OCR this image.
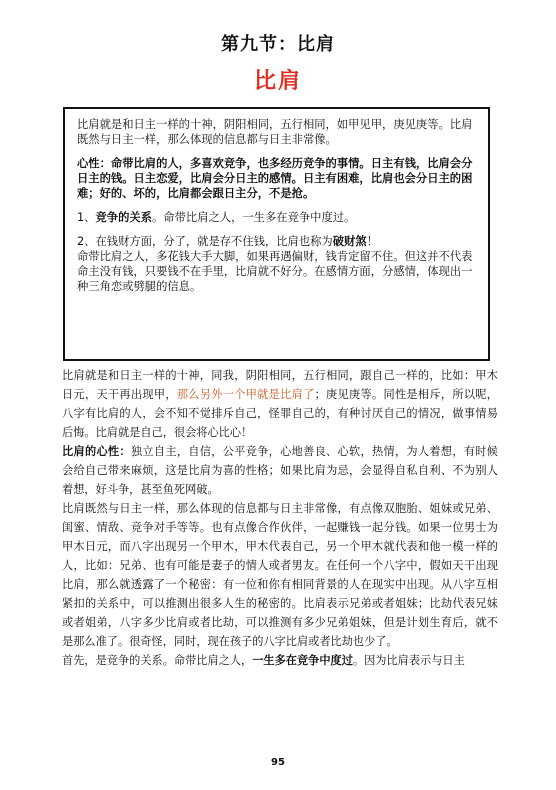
第九节：比肩
比肩

比肩就是和日主一样的十神，阴阳相同，五行相同，如甲见甲，庚见庚等。比肩既然与日主一样，那么体现的信息都与日主非常像。

心性：命带比肩的人，多喜欢竞争，也多经历竞争的事情。日主有钱，比肩会分日主的钱。日主恋爱，比肩会分日主的感情。日主有困难，比肩也会分日主的困难；好的、坏的，比肩都会跟日主分，不是抢。

1、竞争的关系。命带比肩之人，一生多在竞争中度过。

2、在钱财方面，分了，就是存不住钱，比肩也称为破财煞！

命带比肩之人，多花钱大手大脚，如果再遇偏财，钱肯定留不住。但这并不代表命主没有钱，只要钱不在手里，比肩就不好分。在感情方面，分感情，体现出一种三角恋或劈腿的信息。

比肩就是和日主一样的十神，同我，阴阳相同，五行相同，跟自己一样的，比如：甲木日元，天干再出现甲，那么另外一个甲就是比肩了；庚见庚等。同性是相斥，所以呢，八字有比肩的人，会不知不觉排斥自己，怪罪自己的，有种讨厌自己的情况，做事情易后悔。比肩就是自己，很会将心比心！

比肩的心性：独立自主，自信，公平竞争，心地善良、心软，热情，为人着想，有时候会给自己带来麻烦，这是比肩为喜的性格；如果比肩为忌，会显得自私自利、不为别人着想，好斗争，甚至鱼死网破。

比肩既然与日主一样，那么体现的信息都与日主非常像，有点像双胞胎、姐妹或兄弟、闺蜜、情敌、竞争对手等等。也有点像合作伙伴，一起赚钱一起分钱。如果一位男士为甲木日元，而八字出现另一个甲木，甲木代表自己，另一个甲木就代表和他一模一样的人，比如：兄弟、也有可能是妻子的情人或者男友。在任何一个八字中，假如天干出现比肩，那么就透露了一个秘密：有一位和你有相同背景的人在现实中出现。从八字互相紧扣的关系中，可以推测出很多人生的秘密的。比肩表示兄弟或者姐妹；比劫代表兄妹或者姐弟，八字多少比肩或者比劫，可以推测有多少兄弟姐妹，但是计划生育后，就不是那么准了。很奇怪，同时，现在孩子的八字比肩或者比劫也少了。

首先，是竞争的关系。命带比肩之人，一生多在竞争中度过。因为比肩表示与日主

95
